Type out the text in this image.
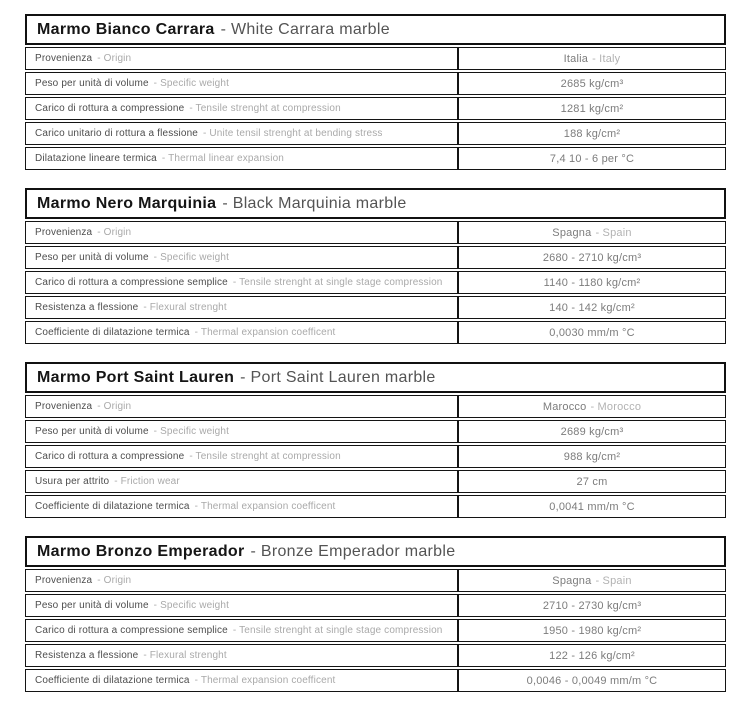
Marmo Bianco Carrara - White Carrara marble
Provenienza - Origin	Italia - Italy
Peso per unità di volume - Specific weight	2685 kg/cm³
Carico di rottura a compressione - Tensile strenght at compression	1281 kg/cm²
Carico unitario di rottura a flessione - Unite tensil strenght at bending stress	188 kg/cm²
Dilatazione lineare termica - Thermal linear expansion	7,4 10 - 6 per °C
Marmo Nero Marquinia - Black Marquinia marble
Provenienza - Origin	Spagna - Spain
Peso per unità di volume - Specific weight	2680 - 2710 kg/cm³
Carico di rottura a compressione semplice - Tensile strenght at single stage compression	1140 - 1180 kg/cm²
Resistenza a flessione - Flexural strenght	140 - 142 kg/cm²
Coefficiente di dilatazione termica - Thermal expansion coefficent	0,0030 mm/m °C
Marmo Port Saint Lauren - Port Saint Lauren marble
Provenienza - Origin	Marocco - Morocco
Peso per unità di volume - Specific weight	2689 kg/cm³
Carico di rottura a compressione - Tensile strenght at compression	988 kg/cm²
Usura per attrito - Friction wear	27 cm
Coefficiente di dilatazione termica - Thermal expansion coefficent	0,0041 mm/m °C
Marmo Bronzo Emperador - Bronze Emperador marble
Provenienza - Origin	Spagna - Spain
Peso per unità di volume - Specific weight	2710 - 2730 kg/cm³
Carico di rottura a compressione semplice - Tensile strenght at single stage compression	1950 - 1980 kg/cm²
Resistenza a flessione - Flexural strenght	122 - 126 kg/cm²
Coefficiente di dilatazione termica - Thermal expansion coefficent	0,0046 - 0,0049 mm/m °C
